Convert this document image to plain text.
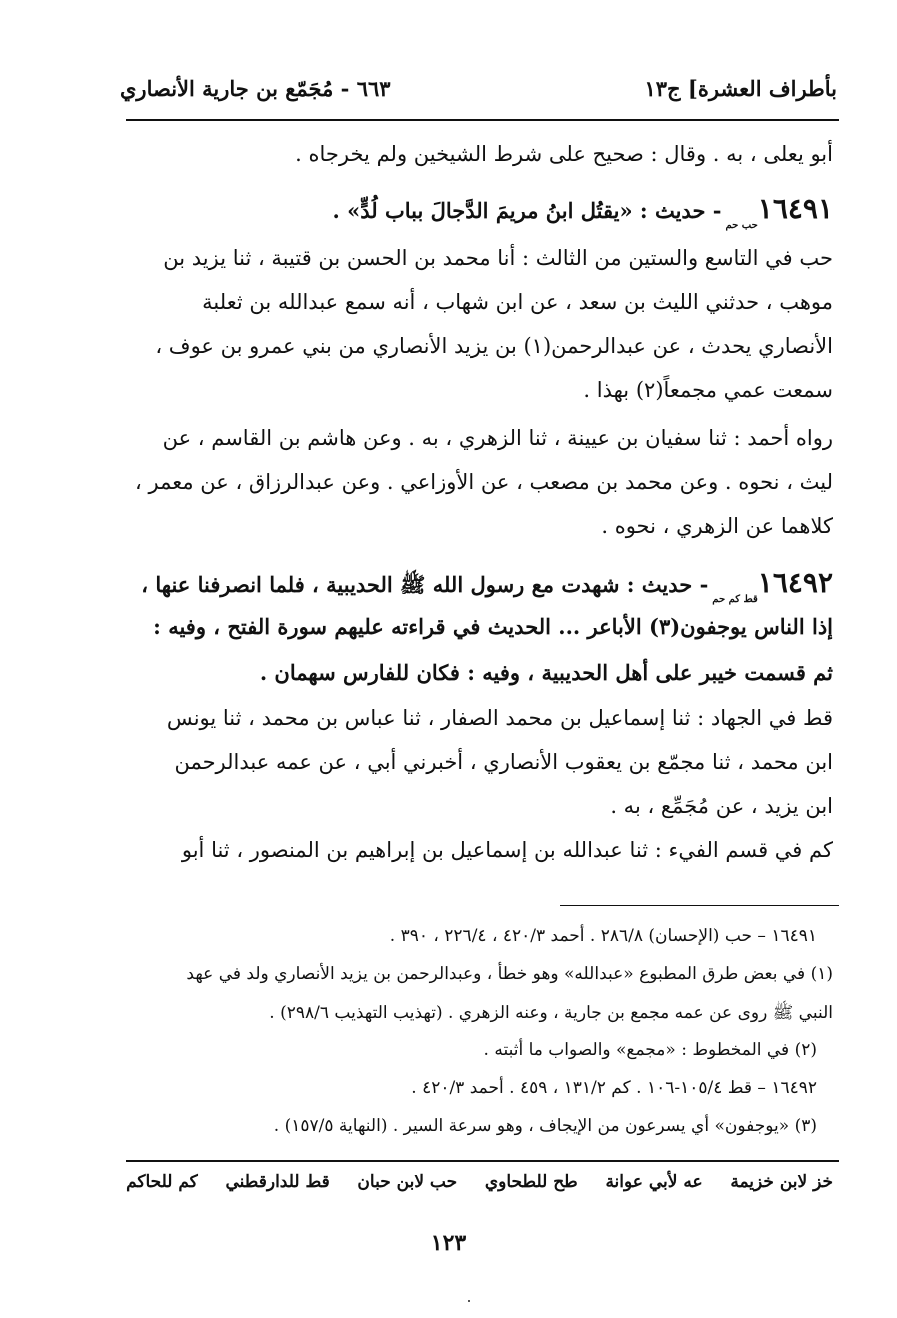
بأطراف العشرة] ج١٣
٦٦٣ - مُجَمّع بن جارية الأنصاري
أبو يعلى ، به . وقال : صحيح على شرط الشيخين ولم يخرجاه .
$١٦٤٩١_{حب حم}-$ حديث : «يقتُل ابنُ مريمَ الدَّجالَ بباب لُدٍّ» .
حب في التاسع والستين من الثالث : أنا محمد بن الحسن بن قتيبة ، ثنا يزيد بن
موهب ، حدثني الليث بن سعد ، عن ابن شهاب ، أنه سمع عبدالله بن ثعلبة
الأنصاري يحدث ، عن عبدالرحمن(١) بن يزيد الأنصاري من بني عمرو بن عوف ،
سمعت عمي مجمعاً(٢) بهذا .
رواه أحمد : ثنا سفيان بن عيينة ، ثنا الزهري ، به . وعن هاشم بن القاسم ، عن
ليث ، نحوه . وعن محمد بن مصعب ، عن الأوزاعي . وعن عبدالرزاق ، عن معمر ،
كلاهما عن الزهري ، نحوه .
$١٦٤٩٢_{قط كم حم}-$ حديث : شهدت مع رسول الله ﷺ الحديبية ، فلما انصرفنا عنها ،
إذا الناس يوجفون(٣) الأباعر ... الحديث في قراءته عليهم سورة الفتح ، وفيه :
ثم قسمت خيبر على أهل الحديبية ، وفيه : فكان للفارس سهمان .
قط في الجهاد : ثنا إسماعيل بن محمد الصفار ، ثنا عباس بن محمد ، ثنا يونس
ابن محمد ، ثنا مجمّع بن يعقوب الأنصاري ، أخبرني أبي ، عن عمه عبدالرحمن
ابن يزيد ، عن مُجَمِّع ، به .
كم في قسم الفيء : ثنا عبدالله بن إسماعيل بن إبراهيم بن المنصور ، ثنا أبو
١٦٤٩١ – حب (الإحسان) ٢٨٦/٨ . أحمد ٤٢٠/٣ ، ٢٢٦/٤ ، ٣٩٠ .
(١) في بعض طرق المطبوع «عبدالله» وهو خطأ ، وعبدالرحمن بن يزيد الأنصاري ولد في عهد
النبي ﷺ روى عن عمه مجمع بن جارية ، وعنه الزهري . (تهذيب التهذيب ٢٩٨/٦) .
(٢) في المخطوط : «مجمع» والصواب ما أثبته .
١٦٤٩٢ – قط ١٠٥/٤-١٠٦ . كم ١٣١/٢ ، ٤٥٩ . أحمد ٤٢٠/٣ .
(٣) «يوجفون» أي يسرعون من الإيجاف ، وهو سرعة السير . (النهاية ١٥٧/٥) .
خز لابن خزيمة
عه لأبي عوانة
طح للطحاوي
حب لابن حبان
قط للدارقطني
كم للحاكم
١٢٣
